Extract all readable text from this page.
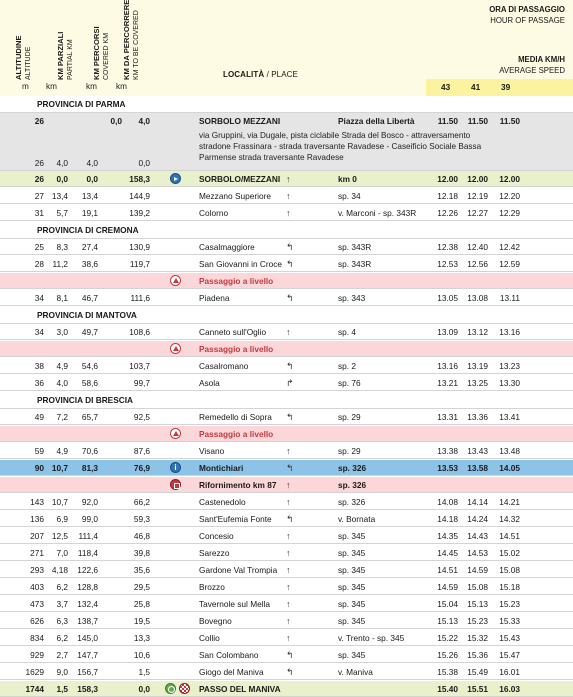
ALTITUDINE ALTITUDE	KM PARZIALI PARTIAL KM KM PERCORSI COVERED KM KM DA PERCORRERE KM TO BE COVERED
m km	km km
LOCALITÀ / PLACE
ORA DI PASSAGGIO
HOUR OF PASSAGE
MEDIA KM/H
AVERAGE SPEED
43	41	39
PROVINCIA DI PARMA
26	0,0	4,0	SORBOLO MEZZANI	Piazza della Libertà	11.50	11.50	11.50
via Gruppini, via Dugale, pista ciclabile Strada del Bosco - attraversamento
stradone Frassinara - strada traversante Ravadese - Caseificio Sociale Bassa
Parmense strada traversante Ravadese
26	4,0	4,0	0,0
26	0,0	0,0	158,3	SORBOLO/MEZZANI ↑	km 0	12.00	12.00	12.00
27 13,4	13,4	144,9	Mezzano Superiore ↑	sp. 34	12.18	12.19	12.20
31	5,7	19,1	139,2	Colorno	↑	v. Marconi - sp. 343R	12.26	12.27	12.29
PROVINCIA DI CREMONA
25	8,3	27,4	130,9	Casalmaggiore	↰	sp. 343R	12.38	12.40	12.42
28	11,2	38,6	119,7	San Giovanni in Croce ↰	sp. 343R	12.53	12.56	12.59
Passaggio a livello
34	8,1	46,7	111,6	Piadena	↰	sp. 343	13.05	13.08	13.11
PROVINCIA DI MANTOVA
34	3,0	49,7	108,6	Canneto sull'Oglio ↑	sp. 4	13.09	13.12	13.16
Passaggio a livello
38	4,9	54,6	103,7	Casalromano	↰	sp. 2	13.16	13.19	13.23
36	4,0	58,6	99,7	Asola	↱	sp. 76	13.21	13.25	13.30
PROVINCIA DI BRESCIA
49	7,2	65,7	92,5	Remedello di Sopra ↰	sp. 29	13.31	13.36	13.41
Passaggio a livello
59	4,9	70,6	87,6	Visano	↑	sp. 29	13.38	13.43	13.48
90 10,7	81,3	76,9
i	Montichiari	↰	sp. 326	13.53	13.58	14.05
Rifornimento km 87 ↑	sp. 326
143 10,7	92,0	66,2	Castenedolo	↑	sp. 326	14.08	14.14	14.21
136	6,9	99,0	59,3	Sant'Eufemia Fonte ↰	v. Bornata	14.18	14.24	14.32
207 12,5	111,4	46,8	Concesio	↑	sp. 345	14.35	14.43	14.51
271	7,0	118,4	39,8	Sarezzo	↑	sp. 345	14.45	14.53	15.02
293 4,18	122,6	35,6	Gardone Val Trompia ↑	sp. 345	14.51	14.59	15.08
403	6,2	128,8	29,5	Brozzo	↑	sp. 345	14.59	15.08	15.18
473	3,7	132,4	25,8	Tavernole sul Mella ↑	sp. 345	15.04	15.13	15.23
626	6,3	138,7	19,5	Bovegno	↑	sp. 345	15.13	15.23	15.33
834	6,2	145,0	13,3	Collio	↑	v. Trento - sp. 345	15.22	15.32	15.43
929	2,7	147,7	10,6	San Colombano	↰	sp. 345	15.26	15.36	15.47
1629	9,0	156,7	1,5	Giogo del Maniva ↰	v. Maniva	15.38	15.49	16.01
1744	1,5	158,3	0,0	PASSO DEL MANIVA	15.40	15.51	16.03
